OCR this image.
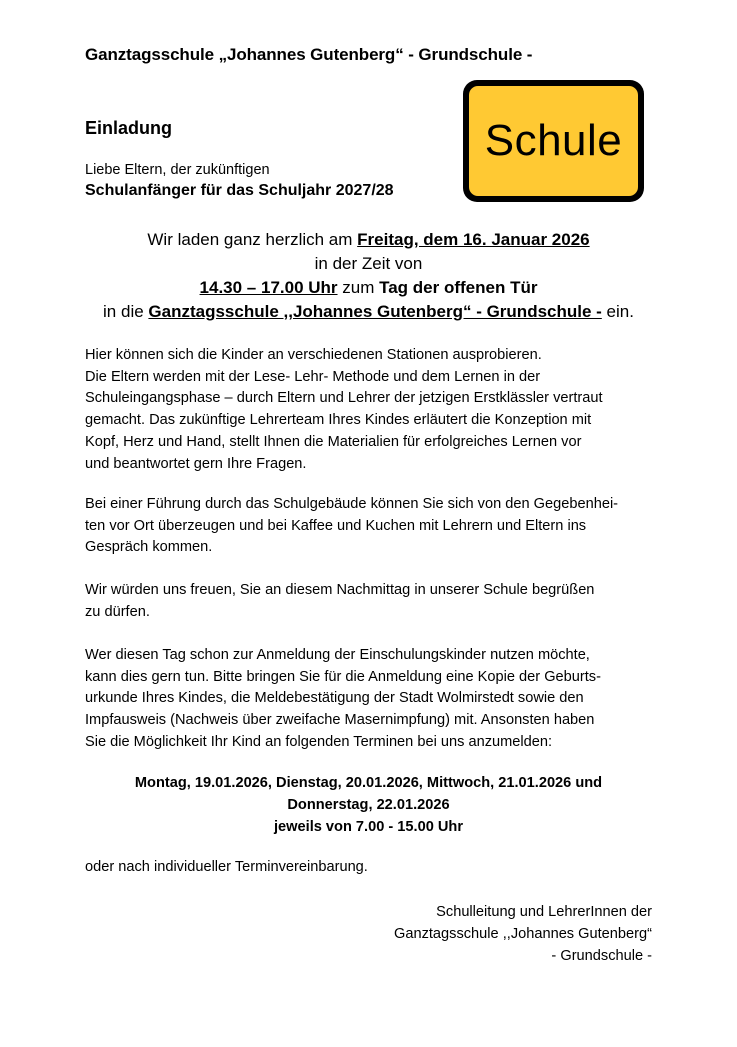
Ganztagsschule „Johannes Gutenberg“ - Grundschule -
Schule
Einladung
Liebe Eltern, der zukünftigen
Schulanfänger für das Schuljahr 2027/28
Wir laden ganz herzlich am Freitag, dem 16. Januar 2026
in der Zeit von
14.30 – 17.00 Uhr zum Tag der offenen Tür
in die Ganztagsschule ,,Johannes Gutenberg“ - Grundschule - ein.
Hier können sich die Kinder an verschiedenen Stationen ausprobieren.
Die Eltern werden mit der Lese- Lehr- Methode und dem Lernen in der
Schuleingangsphase – durch Eltern und Lehrer der jetzigen Erstklässler vertraut
gemacht. Das zukünftige Lehrerteam Ihres Kindes erläutert die Konzeption mit
Kopf, Herz und Hand, stellt Ihnen die Materialien für erfolgreiches Lernen vor
und beantwortet gern Ihre Fragen.
Bei einer Führung durch das Schulgebäude können Sie sich von den Gegebenhei-
ten vor Ort überzeugen und bei Kaffee und Kuchen mit Lehrern und Eltern ins
Gespräch kommen.
Wir würden uns freuen, Sie an diesem Nachmittag in unserer Schule begrüßen
zu dürfen.
Wer diesen Tag schon zur Anmeldung der Einschulungskinder nutzen möchte,
kann dies gern tun. Bitte bringen Sie für die Anmeldung eine Kopie der Geburts-
urkunde Ihres Kindes, die Meldebestätigung der Stadt Wolmirstedt sowie den
Impfausweis (Nachweis über zweifache Masernimpfung) mit. Ansonsten haben
Sie die Möglichkeit Ihr Kind an folgenden Terminen bei uns anzumelden:
Montag, 19.01.2026, Dienstag, 20.01.2026, Mittwoch, 21.01.2026 und
Donnerstag, 22.01.2026
jeweils von 7.00 - 15.00 Uhr
oder nach individueller Terminvereinbarung.
Schulleitung und LehrerInnen der
Ganztagsschule ,,Johannes Gutenberg“
- Grundschule -
